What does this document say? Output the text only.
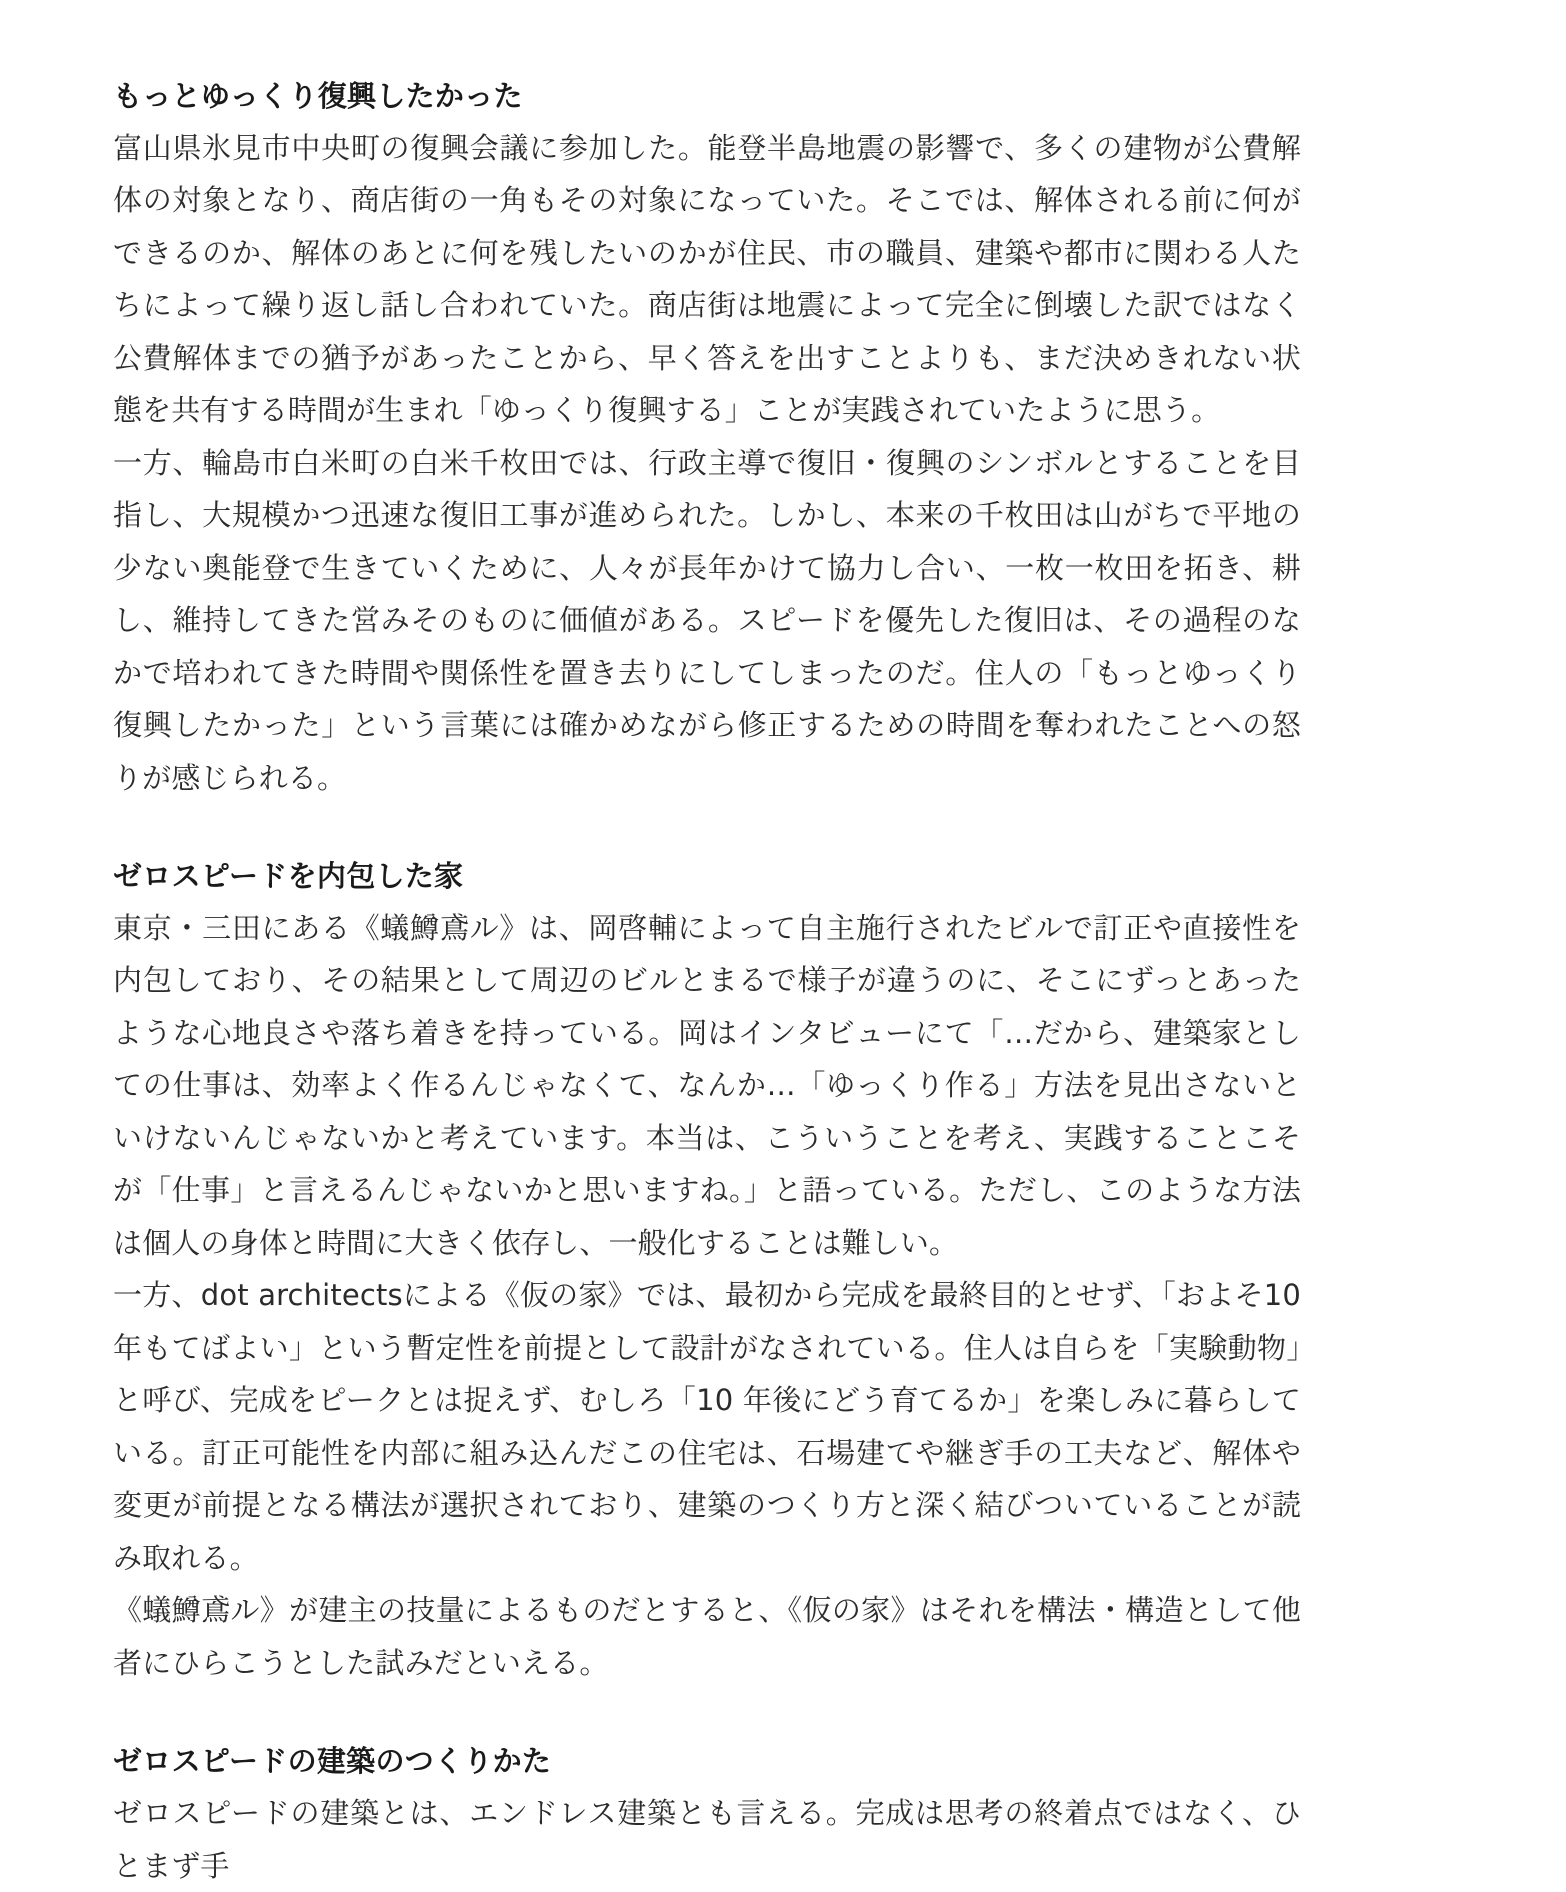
もっとゆっくり復興したかった

富山県氷見市中央町の復興会議に参加した。能登半島地震の影響で、多くの建物が公費解体の対象となり、商店街の一角もその対象になっていた。そこでは、解体される前に何ができるのか、解体のあとに何を残したいのかが住民、市の職員、建築や都市に関わる人たちによって繰り返し話し合われていた。商店街は地震によって完全に倒壊した訳ではなく公費解体までの猶予があったことから、早く答えを出すことよりも、まだ決めきれない状態を共有する時間が生まれ「ゆっくり復興する」ことが実践されていたように思う。

一方、輪島市白米町の白米千枚田では、行政主導で復旧・復興のシンボルとすることを目指し、大規模かつ迅速な復旧工事が進められた。しかし、本来の千枚田は山がちで平地の少ない奥能登で生きていくために、人々が長年かけて協力し合い、一枚一枚田を拓き、耕し、維持してきた営みそのものに価値がある。スピードを優先した復旧は、その過程のなかで培われてきた時間や関係性を置き去りにしてしまったのだ。住人の「もっとゆっくり復興したかった」という言葉には確かめながら修正するための時間を奪われたことへの怒りが感じられる。

ゼロスピードを内包した家

東京・三田にある《蟻鱒鳶ル》は、岡啓輔によって自主施行されたビルで訂正や直接性を内包しており、その結果として周辺のビルとまるで様子が違うのに、そこにずっとあったような心地良さや落ち着きを持っている。岡はインタビューにて「…だから、建築家としての仕事は、効率よく作るんじゃなくて、なんか…「ゆっくり作る」方法を見出さないといけないんじゃないかと考えています。本当は、こういうことを考え、実践することこそが「仕事」と言えるんじゃないかと思いますね。」と語っている。ただし、このような方法は個人の身体と時間に大きく依存し、一般化することは難しい。

一方、dot architectsによる《仮の家》では、最初から完成を最終目的とせず、「およそ10年もてばよい」という暫定性を前提として設計がなされている。住人は自らを「実験動物」と呼び、完成をピークとは捉えず、むしろ「10 年後にどう育てるか」を楽しみに暮らしている。訂正可能性を内部に組み込んだこの住宅は、石場建てや継ぎ手の工夫など、解体や変更が前提となる構法が選択されており、建築のつくり方と深く結びついていることが読み取れる。

《蟻鱒鳶ル》が建主の技量によるものだとすると、《仮の家》はそれを構法・構造として他者にひらこうとした試みだといえる。

ゼロスピードの建築のつくりかた

ゼロスピードの建築とは、エンドレス建築とも言える。完成は思考の終着点ではなく、ひとまず手
